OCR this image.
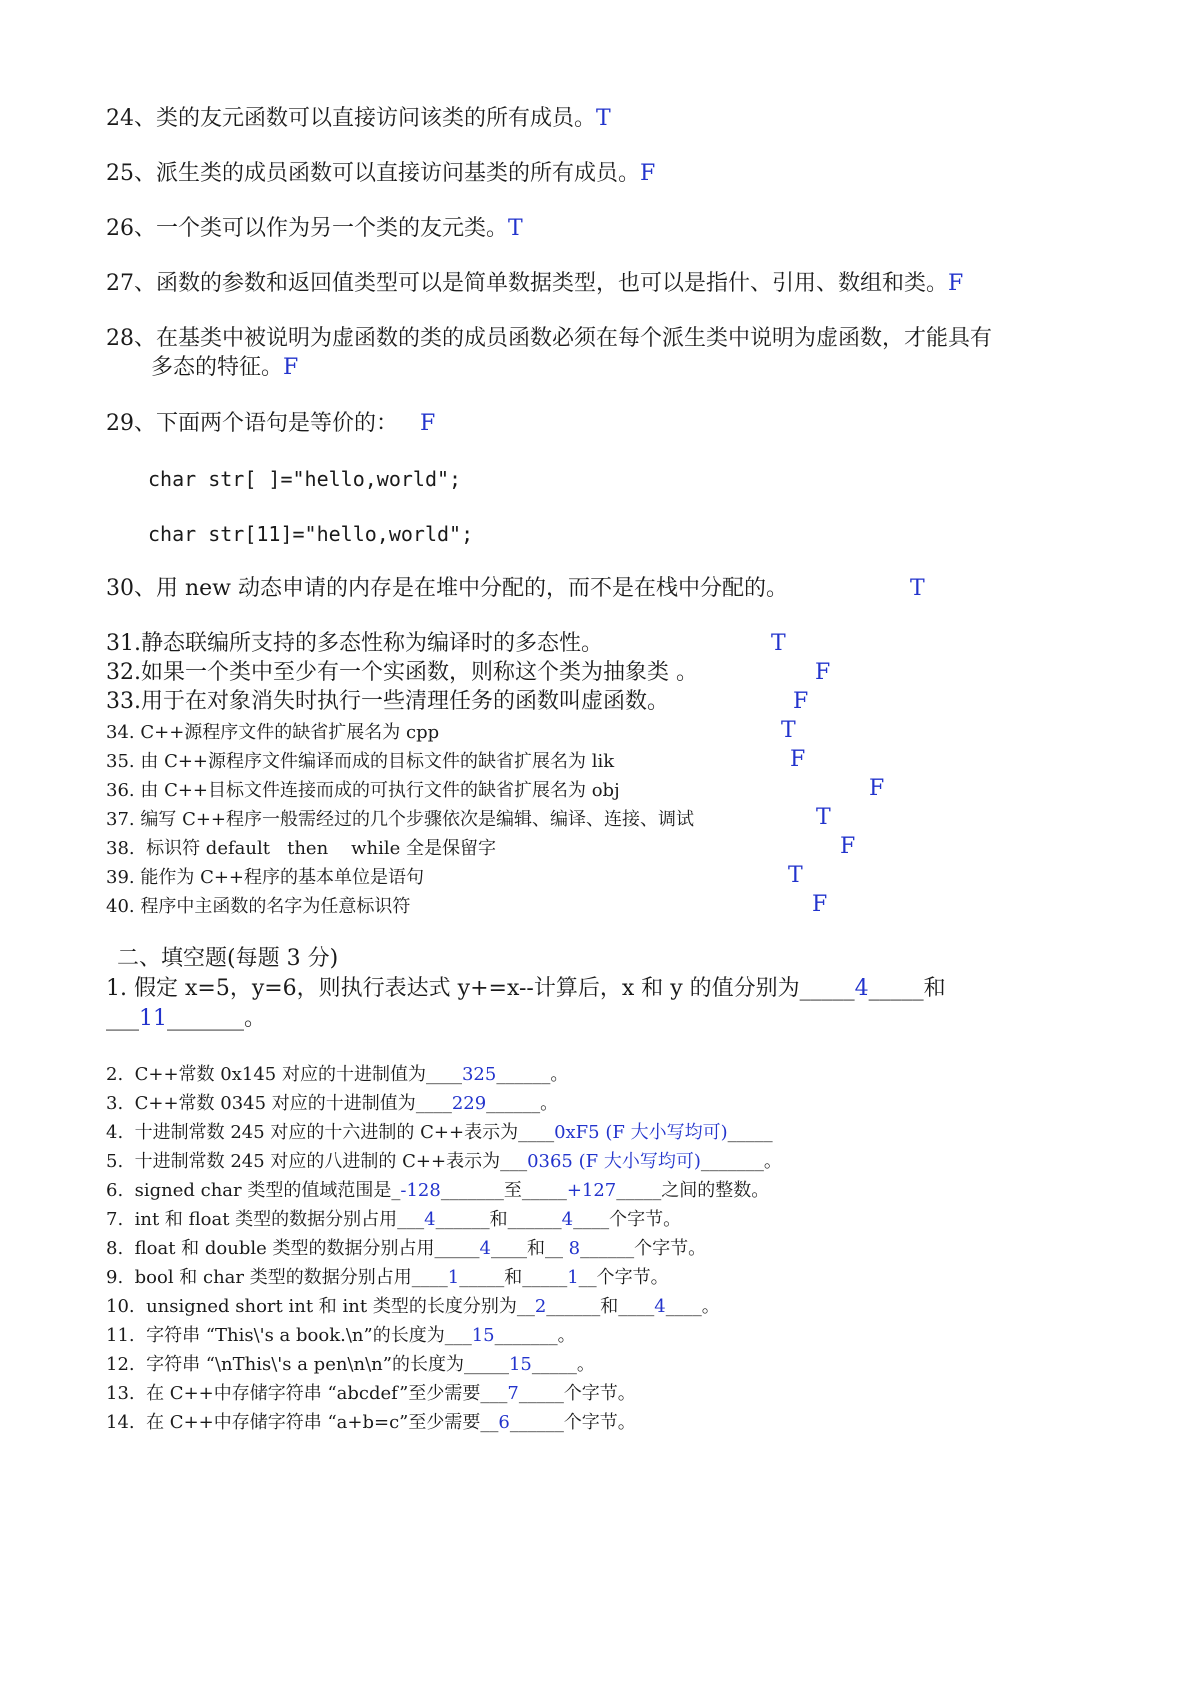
24、类的友元函数可以直接访问该类的所有成员。T
25、派生类的成员函数可以直接访问基类的所有成员。F
26、一个类可以作为另一个类的友元类。T
27、函数的参数和返回值类型可以是简单数据类型，也可以是指什、引用、数组和类。F
28、在基类中被说明为虚函数的类的成员函数必须在每个派生类中说明为虚函数，才能具有
多态的特征。F
29、下面两个语句是等价的： F
char str[ ]="hello,world";
char str[11]="hello,world";
30、用 new 动态申请的内存是在堆中分配的，而不是在栈中分配的。	T
31.静态联编所支持的多态性称为编译时的多态性。	T
32.如果一个类中至少有一个实函数，则称这个类为抽象类 。	F
33.用于在对象消失时执行一些清理任务的函数叫虚函数。	F
34. C++源程序文件的缺省扩展名为 cpp	T
35. 由 C++源程序文件编译而成的目标文件的缺省扩展名为 lik	F
36. 由 C++目标文件连接而成的可执行文件的缺省扩展名为 obj	F
37. 编写 C++程序一般需经过的几个步骤依次是编辑、编译、连接、调试	T
38.  标识符 default   then    while 全是保留字	F
39. 能作为 C++程序的基本单位是语句	T
40. 程序中主函数的名字为任意标识符	F
二、填空题(每题 3 分)
1. 假定 x=5，y=6，则执行表达式 y+=x--计算后，x 和 y 的值分别为_____4_____和
___11_______。
2.  C++常数 0x145 对应的十进制值为____325______。
3.  C++常数 0345 对应的十进制值为____229______。
4.  十进制常数 245 对应的十六进制的 C++表示为____0xF5 (F 大小写均可)_____
5.  十进制常数 245 对应的八进制的 C++表示为___0365 (F 大小写均可)_______。
6.  signed char 类型的值域范围是_-128_______至_____+127_____之间的整数。
7.  int 和 float 类型的数据分别占用___4______和______4____个字节。
8.  float 和 double 类型的数据分别占用_____4____和__ 8______个字节。
9.  bool 和 char 类型的数据分别占用____1_____和_____1__个字节。
10.  unsigned short int 和 int 类型的长度分别为__2______和____4____。
11.  字符串 “This\'s a book.\n”的长度为___15_______。
12.  字符串 “\nThis\'s a pen\n\n”的长度为_____15_____。
13.  在 C++中存储字符串 “abcdef”至少需要___7_____个字节。
14.  在 C++中存储字符串 “a+b=c”至少需要__6______个字节。
